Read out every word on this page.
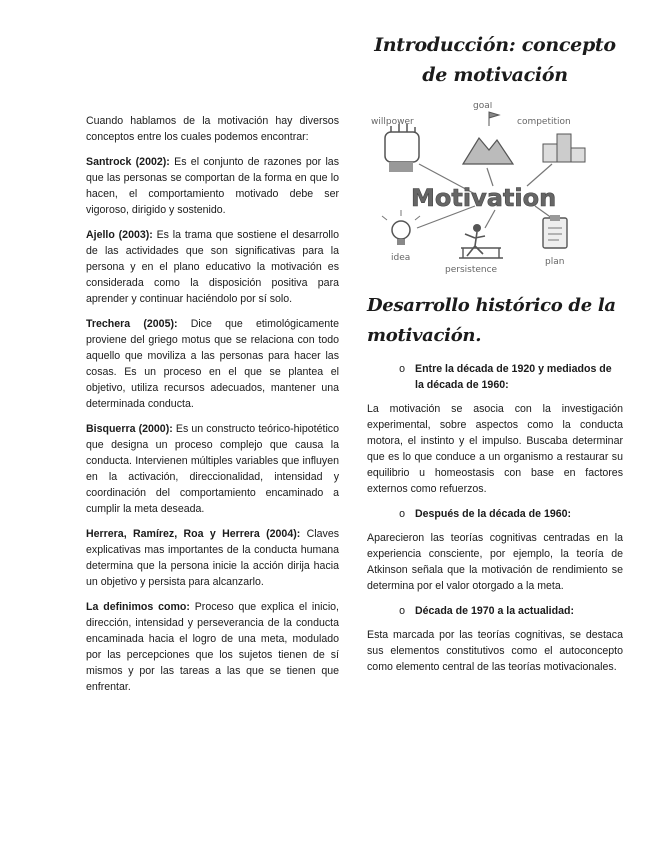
Cuando hablamos de la motivación hay diversos conceptos entre los cuales podemos encontrar:

Santrock (2002): Es el conjunto de razones por las que las personas se comportan de la forma en que lo hacen, el comportamiento motivado debe ser vigoroso, dirigido y sostenido.

Ajello (2003): Es la trama que sostiene el desarrollo de las actividades que son significativas para la persona y en el plano educativo la motivación es considerada como la disposición positiva para aprender y continuar haciéndolo por sí solo.

Trechera (2005): Dice que etimológicamente proviene del griego motus que se relaciona con todo aquello que moviliza a las personas para hacer las cosas. Es un proceso en el que se plantea el objetivo, utiliza recursos adecuados, mantener una determinada conducta.

Bisquerra (2000): Es un constructo teórico-hipotético que designa un proceso complejo que causa la conducta. Intervienen múltiples variables que influyen en la activación, direccionalidad, intensidad y coordinación del comportamiento encaminado a cumplir la meta deseada.

Herrera, Ramírez, Roa y Herrera (2004): Claves explicativas mas importantes de la conducta humana determina que la persona inicie la acción dirija hacia un objetivo y persista para alcanzarlo.

La definimos como: Proceso que explica el inicio, dirección, intensidad y perseverancia de la conducta encaminada hacia el logro de una meta, modulado por las percepciones que los sujetos tienen de sí mismos y por las tareas a las que se tienen que enfrentar.

Introducción: concepto de motivación
willpower
goal
competition
Motivation
idea
persistence
plan
Desarrollo histórico de la motivación.
o Entre la década de 1920 y mediados de la década de 1960:

La motivación se asocia con la investigación experimental, sobre aspectos como la conducta motora, el instinto y el impulso. Buscaba determinar que es lo que conduce a un organismo a restaurar su equilibrio u homeostasis con base en factores externos como refuerzos.

o Después de la década de 1960:

Aparecieron las teorías cognitivas centradas en la experiencia consciente, por ejemplo, la teoría de Atkinson señala que la motivación de rendimiento se determina por el valor otorgado a la meta.

o Década de 1970 a la actualidad:

Esta marcada por las teorías cognitivas, se destaca sus elementos constitutivos como el autoconcepto como elemento central de las teorías motivacionales.
